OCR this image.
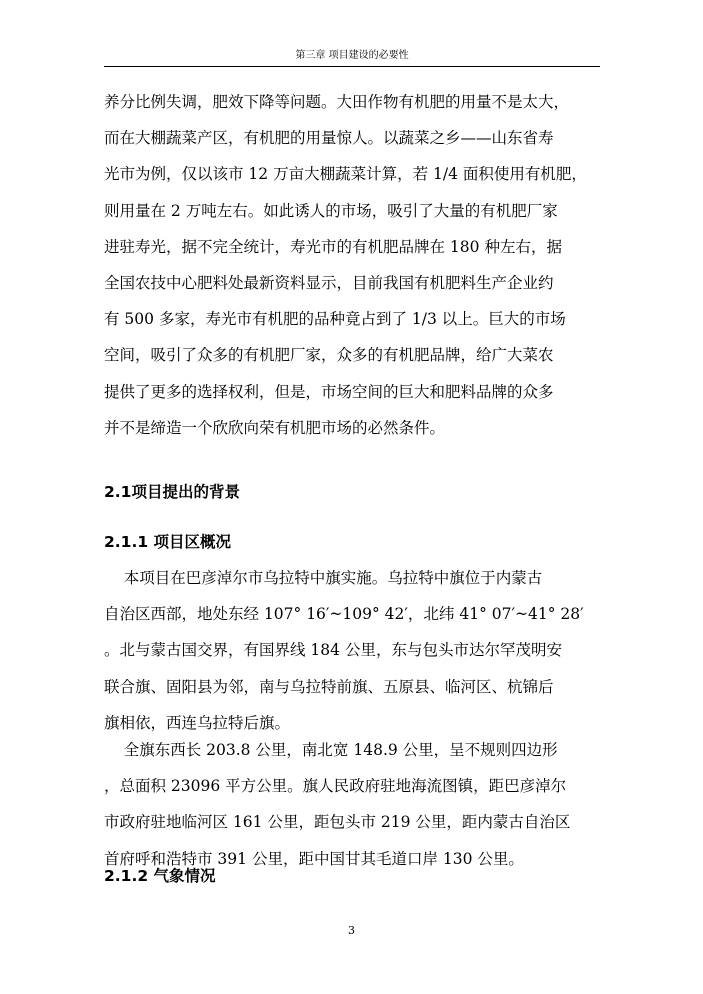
第三章 项目建设的必要性
养分比例失调，肥效下降等问题。大田作物有机肥的用量不是太大，
而在大棚蔬菜产区，有机肥的用量惊人。以蔬菜之乡——山东省寿
光市为例，仅以该市 12 万亩大棚蔬菜计算，若 1/4 面积使用有机肥，
则用量在 2 万吨左右。如此诱人的市场，吸引了大量的有机肥厂家
进驻寿光，据不完全统计，寿光市的有机肥品牌在 180 种左右，据
全国农技中心肥料处最新资料显示，目前我国有机肥料生产企业约
有 500 多家，寿光市有机肥的品种竟占到了 1/3 以上。巨大的市场
空间，吸引了众多的有机肥厂家，众多的有机肥品牌，给广大菜农
提供了更多的选择权利，但是，市场空间的巨大和肥料品牌的众多
并不是缔造一个欣欣向荣有机肥市场的必然条件。
2.1项目提出的背景
2.1.1 项目区概况
本项目在巴彦淖尔市乌拉特中旗实施。乌拉特中旗位于内蒙古
自治区西部，地处东经 107° 16′~109° 42′，北纬 41° 07′~41° 28′
。北与蒙古国交界，有国界线 184 公里，东与包头市达尔罕茂明安
联合旗、固阳县为邻，南与乌拉特前旗、五原县、临河区、杭锦后
旗相依，西连乌拉特后旗。
全旗东西长 203.8 公里，南北宽 148.9 公里，呈不规则四边形
，总面积 23096 平方公里。旗人民政府驻地海流图镇，距巴彦淖尔
市政府驻地临河区 161 公里，距包头市 219 公里，距内蒙古自治区
首府呼和浩特市 391 公里，距中国甘其毛道口岸 130 公里。
2.1.2 气象情况
3
